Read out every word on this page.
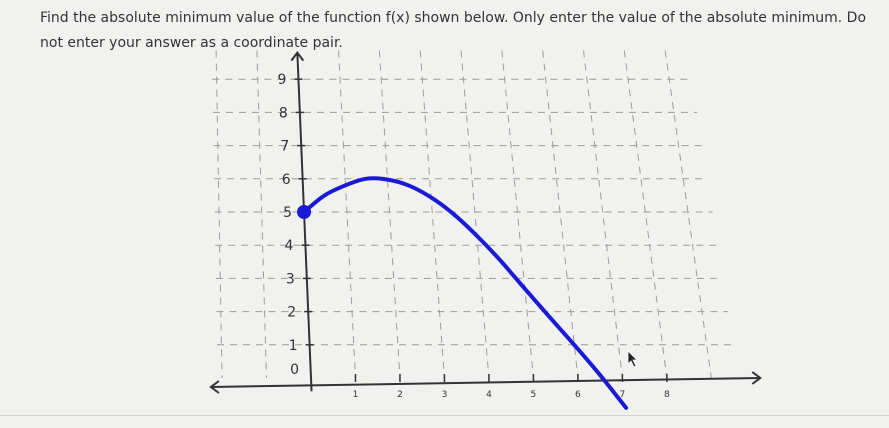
Find the absolute minimum value of the function f(x) shown below. Only enter the value of the absolute minimum. Do not enter your answer as a coordinate pair.

0
1
2
3
4
5
6
7
8
9
1	2	3	4	5	6	7	8
